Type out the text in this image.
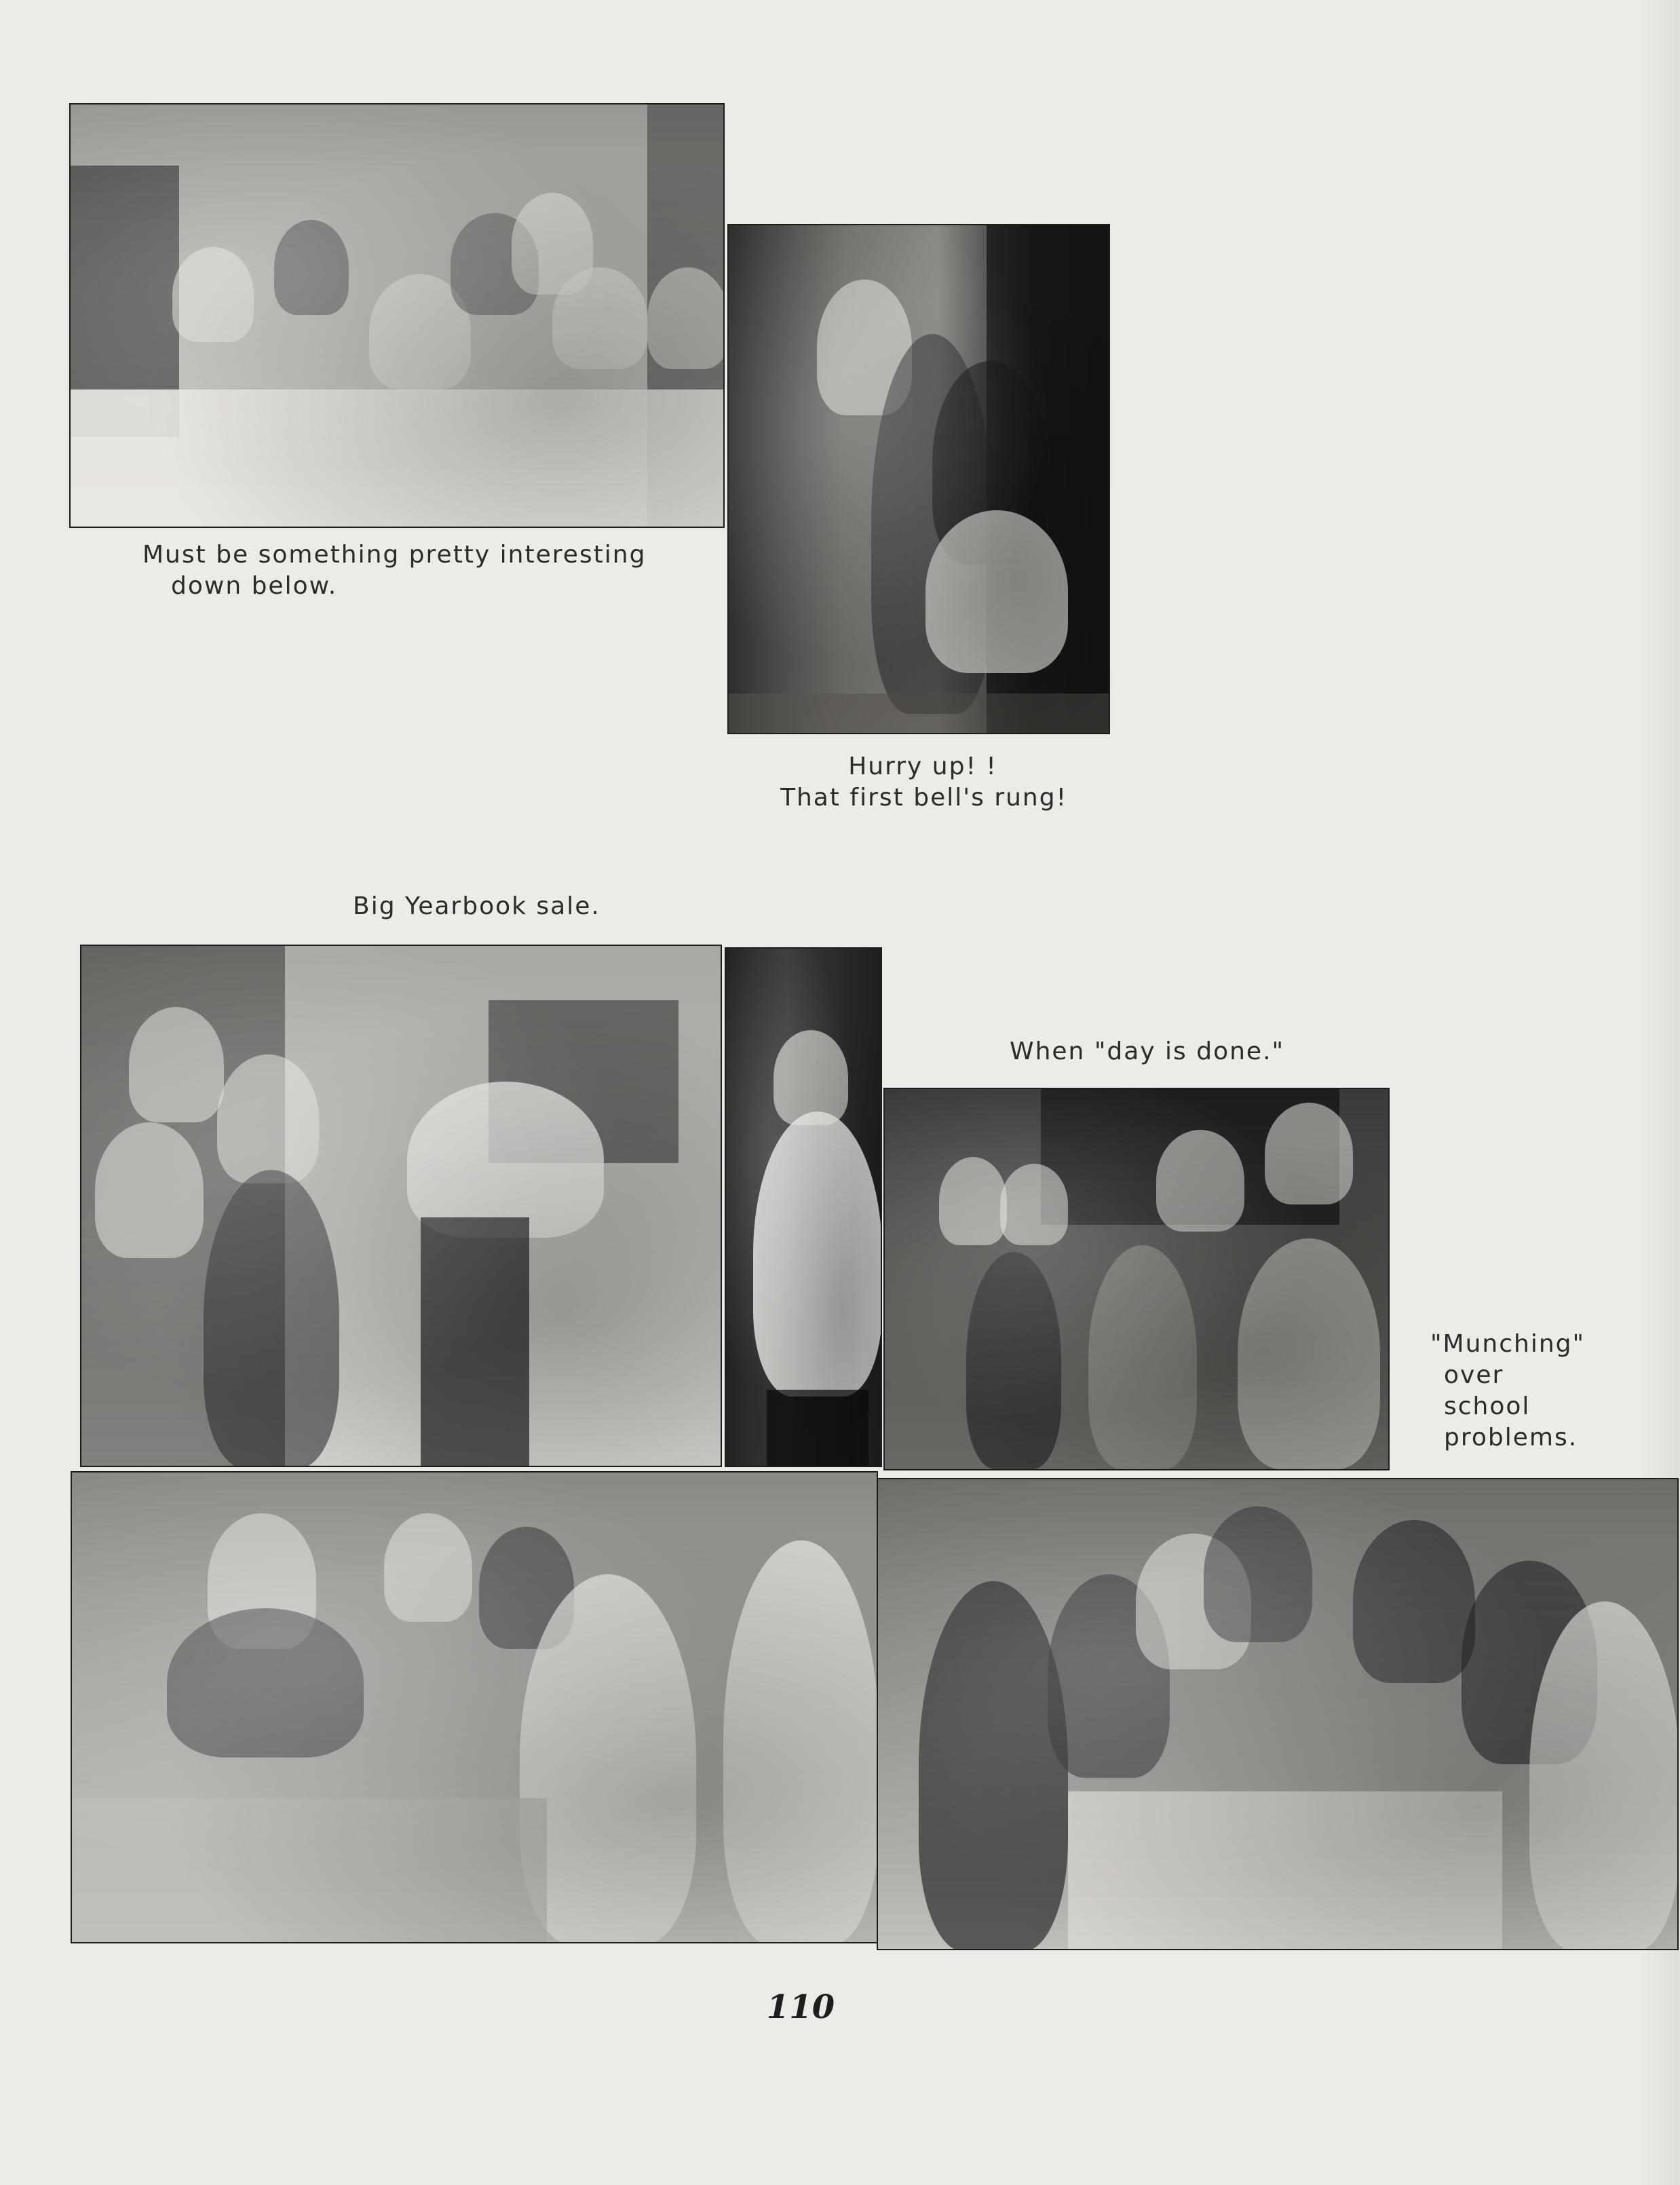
Must be something pretty interesting
down below.
Hurry up! !
That first bell's rung!
Big Yearbook sale.
When "day is done."
"Munching"
over
school
problems.
110
